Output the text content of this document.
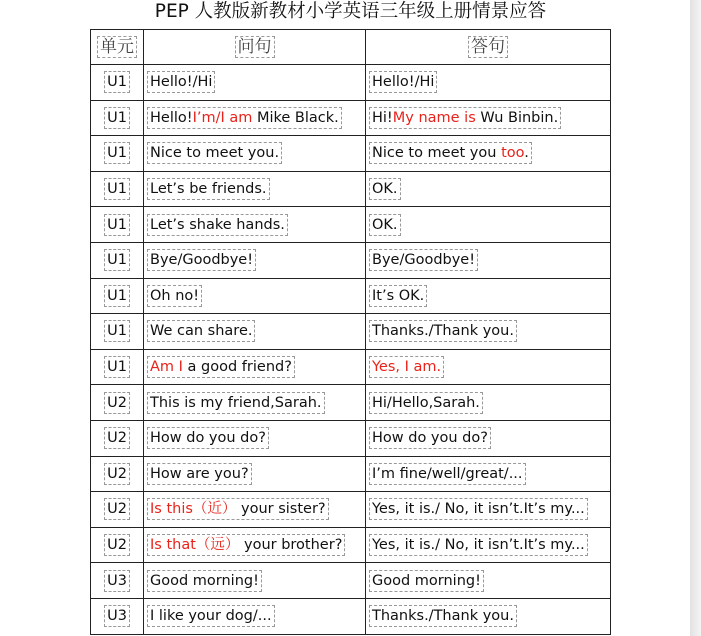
PEP 人教版新教材小学英语三年级上册情景应答
单元	问句	答句
U1	Hello!/Hi	Hello!/Hi
U1	Hello!I’m/I am Mike Black.	Hi!My name is Wu Binbin.
U1	Nice to meet you.	Nice to meet you too.
U1	Let’s be friends.	OK.
U1	Let’s shake hands.	OK.
U1	Bye/Goodbye!	Bye/Goodbye!
U1	Oh no!	It’s OK.
U1	We can share.	Thanks./Thank you.
U1	Am I a good friend?	Yes, I am.
U2	This is my friend,Sarah.	Hi/Hello,Sarah.
U2	How do you do?	How do you do?
U2	How are you?	I’m fine/well/great/...
U2	Is this（近） your sister?	Yes, it is./ No, it isn’t.It’s my...
U2	Is that（远） your brother?	Yes, it is./ No, it isn’t.It’s my...
U3	Good morning!	Good morning!
U3	I like your dog/...	Thanks./Thank you.
